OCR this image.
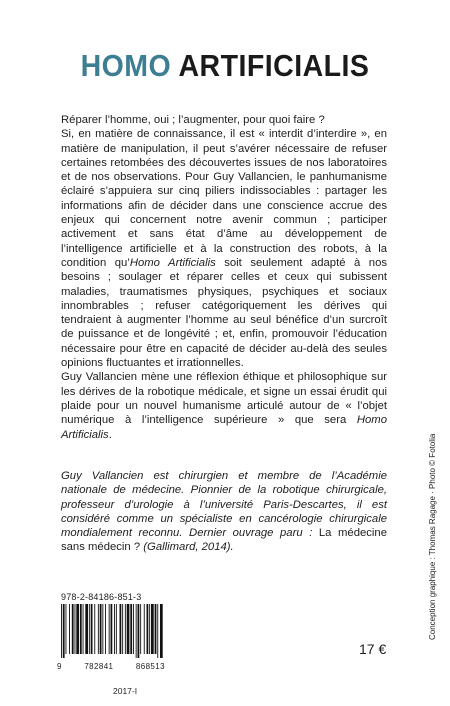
HOMO ARTIFICIALIS

Réparer l’homme, oui ; l’augmenter, pour quoi faire ?

Si, en matière de connaissance, il est « interdit d’interdire », en matière de manipulation, il peut s’avérer nécessaire de refuser certaines retombées des découvertes issues de nos laboratoires et de nos observations. Pour Guy Vallancien, le panhumanisme éclairé s’appuiera sur cinq piliers indissociables : partager les informations afin de décider dans une conscience accrue des enjeux qui concernent notre avenir commun ; participer activement et sans état d’âme au développement de l’intelligence artificielle et à la construction des robots, à la condition qu’Homo Artificialis soit seulement adapté à nos besoins ; soulager et réparer celles et ceux qui subissent maladies, traumatismes physiques, psychiques et sociaux innombrables ; refuser catégoriquement les dérives qui tendraient à augmenter l’homme au seul bénéfice d’un surcroît de puissance et de longévité ; et, enfin, promouvoir l’éducation nécessaire pour être en capacité de décider au-delà des seules opinions fluctuantes et irrationnelles.

Guy Vallancien mène une réflexion éthique et philosophique sur les dérives de la robotique médicale, et signe un essai érudit qui plaide pour un nouvel humanisme articulé autour de « l’objet numérique à l’intelligence supérieure » que sera Homo Artificialis.

Guy Vallancien est chirurgien et membre de l’Académie nationale de médecine. Pionnier de la robotique chirurgicale, professeur d’urologie à l’université Paris-Descartes, il est considéré comme un spécialiste en cancérologie chirurgicale mondialement reconnu. Dernier ouvrage paru : La médecine sans médecin ? (Gallimard, 2014).

978-2-84186-851-3
9	782841	868513
2017-I
17 €
Conception graphique : Thomas Ragage · Photo © Fotolia
